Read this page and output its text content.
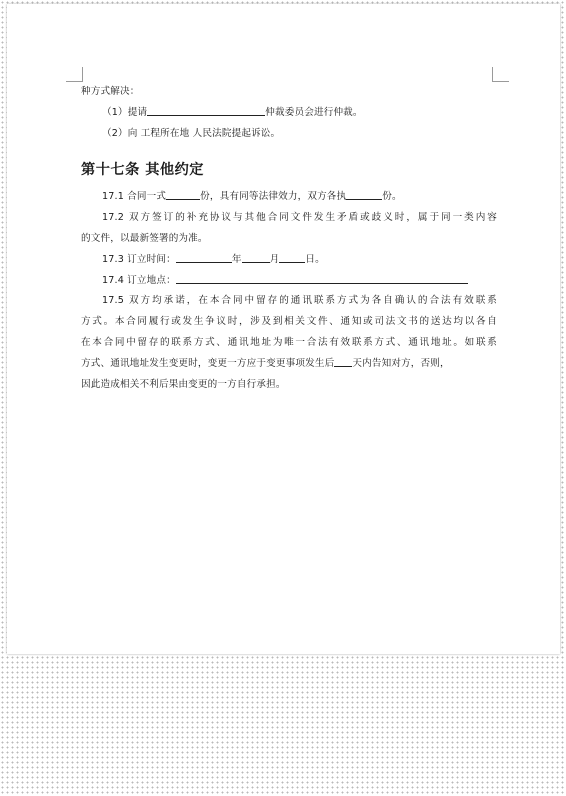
种方式解决：
（1）提请	仲裁委员会进行仲裁。
（2）向 工程所在地 人民法院提起诉讼。
第十七条 其他约定
17.1 合同一式	份，具有同等法律效力，双方各执	份。
17.2 双方签订的补充协议与其他合同文件发生矛盾或歧义时，属于同一类内容
的文件，以最新签署的为准。
17.3 订立时间：	年	月	日。
17.4 订立地点：
17.5 双方均承诺，在本合同中留存的通讯联系方式为各自确认的合法有效联系
方式。本合同履行或发生争议时，涉及到相关文件、通知或司法文书的送达均以各自
在本合同中留存的联系方式、通讯地址为唯一合法有效联系方式、通讯地址。如联系
方式、通讯地址发生变更时，变更一方应于变更事项发生后 天内告知对方，否则，
因此造成相关不利后果由变更的一方自行承担。
